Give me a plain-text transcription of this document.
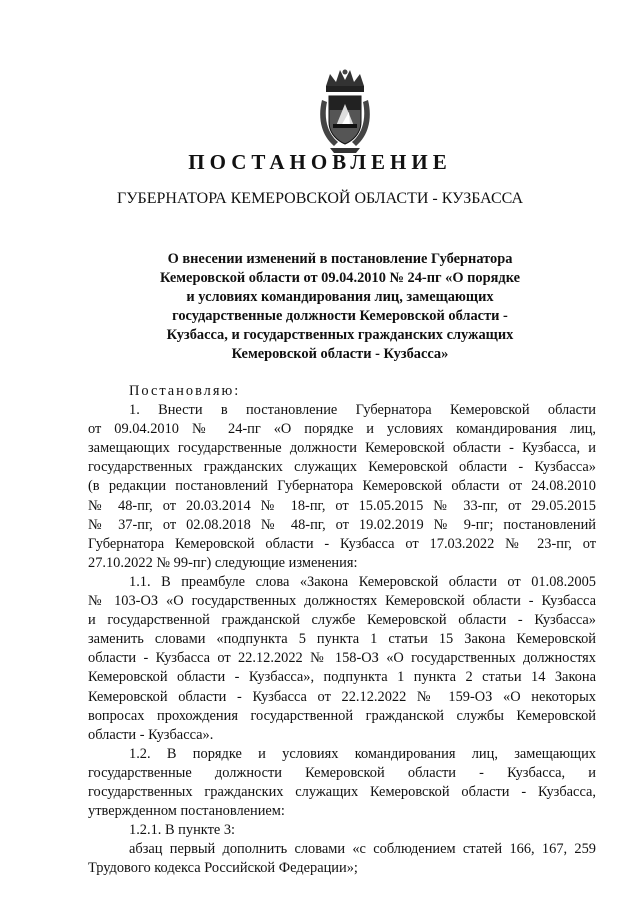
ПОСТАНОВЛЕНИЕ
ГУБЕРНАТОРА КЕМЕРОВСКОЙ ОБЛАСТИ - КУЗБАССА
О внесении изменений в постановление Губернатора
Кемеровской области от 09.04.2010 № 24-пг «О порядке
и условиях командирования лиц, замещающих
государственные должности Кемеровской области -
Кузбасса, и государственных гражданских служащих
Кемеровской области - Кузбасса»
Постановляю:
1. Внести в постановление Губернатора Кемеровской области
от 09.04.2010 № 24-пг «О порядке и условиях командирования лиц,
замещающих государственные должности Кемеровской области - Кузбасса, и
государственных гражданских служащих Кемеровской области - Кузбасса»
(в редакции постановлений Губернатора Кемеровской области от 24.08.2010
№ 48-пг, от 20.03.2014 № 18-пг, от 15.05.2015 № 33-пг, от 29.05.2015
№ 37-пг, от 02.08.2018 № 48-пг, от 19.02.2019 № 9-пг; постановлений
Губернатора Кемеровской области - Кузбасса от 17.03.2022 № 23-пг, от
27.10.2022 № 99-пг) следующие изменения:
1.1. В преамбуле слова «Закона Кемеровской области от 01.08.2005
№ 103-ОЗ «О государственных должностях Кемеровской области - Кузбасса
и государственной гражданской службе Кемеровской области - Кузбасса»
заменить словами «подпункта 5 пункта 1 статьи 15 Закона Кемеровской
области - Кузбасса от 22.12.2022 № 158-ОЗ «О государственных должностях
Кемеровской области - Кузбасса», подпункта 1 пункта 2 статьи 14 Закона
Кемеровской области - Кузбасса от 22.12.2022 № 159-ОЗ «О некоторых
вопросах прохождения государственной гражданской службы Кемеровской
области - Кузбасса».
1.2. В порядке и условиях командирования лиц, замещающих
государственные должности Кемеровской области - Кузбасса, и
государственных гражданских служащих Кемеровской области - Кузбасса,
утвержденном постановлением:
1.2.1. В пункте 3:
абзац первый дополнить словами «с соблюдением статей 166, 167, 259
Трудового кодекса Российской Федерации»;
